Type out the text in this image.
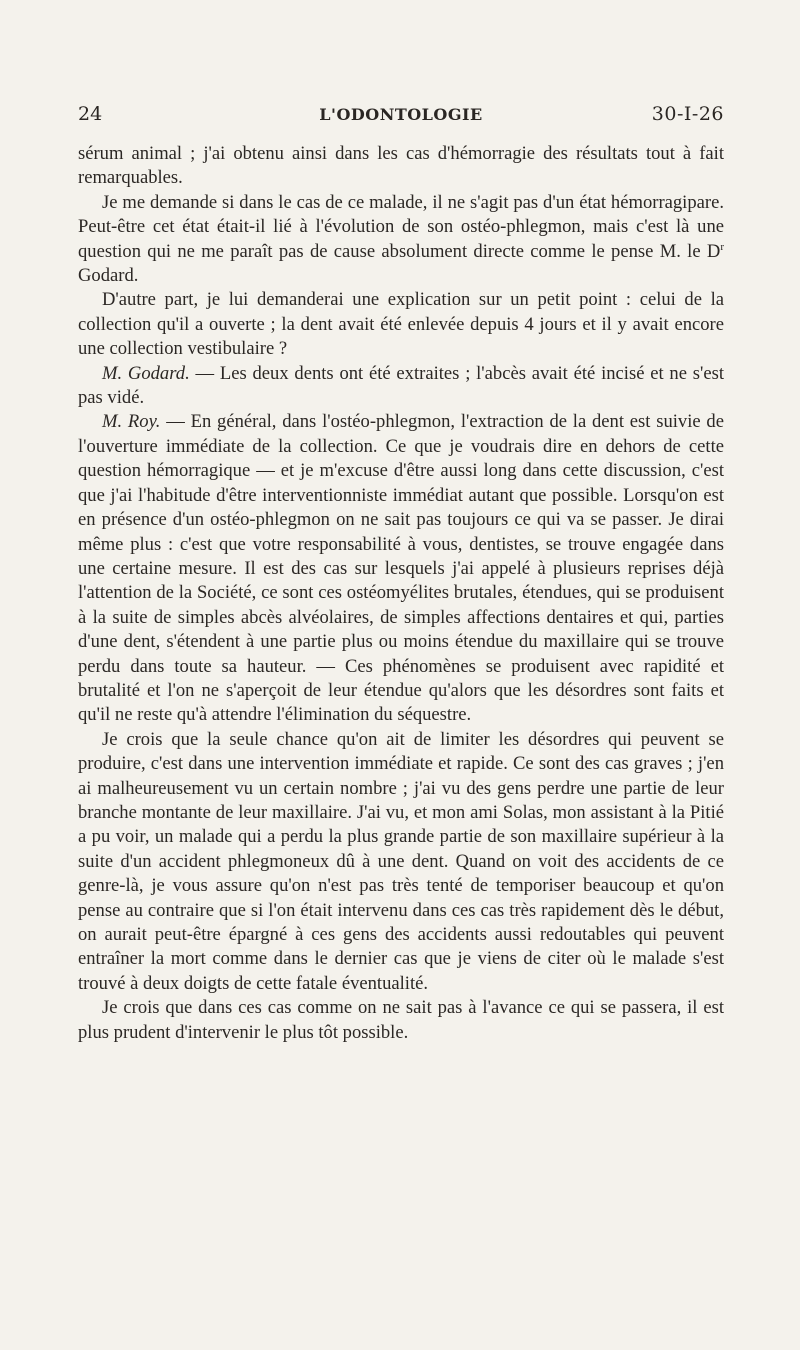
24	L'ODONTOLOGIE	30-I-26

sérum animal ; j'ai obtenu ainsi dans les cas d'hémorragie des résultats tout à fait remarquables.

Je me demande si dans le cas de ce malade, il ne s'agit pas d'un état hémorragipare. Peut-être cet état était-il lié à l'évolution de son ostéo-phlegmon, mais c'est là une question qui ne me paraît pas de cause absolument directe comme le pense M. le $D^r$ Godard.

D'autre part, je lui demanderai une explication sur un petit point : celui de la collection qu'il a ouverte ; la dent avait été enlevée depuis 4 jours et il y avait encore une collection vestibulaire ?

M. Godard. — Les deux dents ont été extraites ; l'abcès avait été incisé et ne s'est pas vidé.

M. Roy. — En général, dans l'ostéo-phlegmon, l'extraction de la dent est suivie de l'ouverture immédiate de la collection. Ce que je voudrais dire en dehors de cette question hémorragique — et je m'excuse d'être aussi long dans cette discussion, c'est que j'ai l'habitude d'être interventionniste immédiat autant que possible. Lorsqu'on est en présence d'un ostéo-phlegmon on ne sait pas toujours ce qui va se passer. Je dirai même plus : c'est que votre responsabilité à vous, dentistes, se trouve engagée dans une certaine mesure. Il est des cas sur lesquels j'ai appelé à plusieurs reprises déjà l'attention de la Société, ce sont ces ostéomyélites brutales, étendues, qui se produisent à la suite de simples abcès alvéolaires, de simples affections dentaires et qui, parties d'une dent, s'étendent à une partie plus ou moins étendue du maxillaire qui se trouve perdu dans toute sa hauteur. — Ces phénomènes se produisent avec rapidité et brutalité et l'on ne s'aperçoit de leur étendue qu'alors que les désordres sont faits et qu'il ne reste qu'à attendre l'élimination du séquestre.

Je crois que la seule chance qu'on ait de limiter les désordres qui peuvent se produire, c'est dans une intervention immédiate et rapide. Ce sont des cas graves ; j'en ai malheureusement vu un certain nombre ; j'ai vu des gens perdre une partie de leur branche montante de leur maxillaire. J'ai vu, et mon ami Solas, mon assistant à la Pitié a pu voir, un malade qui a perdu la plus grande partie de son maxillaire supérieur à la suite d'un accident phlegmoneux dû à une dent. Quand on voit des accidents de ce genre-là, je vous assure qu'on n'est pas très tenté de temporiser beaucoup et qu'on pense au contraire que si l'on était intervenu dans ces cas très rapidement dès le début, on aurait peut-être épargné à ces gens des accidents aussi redoutables qui peuvent entraîner la mort comme dans le dernier cas que je viens de citer où le malade s'est trouvé à deux doigts de cette fatale éventualité.

Je crois que dans ces cas comme on ne sait pas à l'avance ce qui se passera, il est plus prudent d'intervenir le plus tôt possible.
